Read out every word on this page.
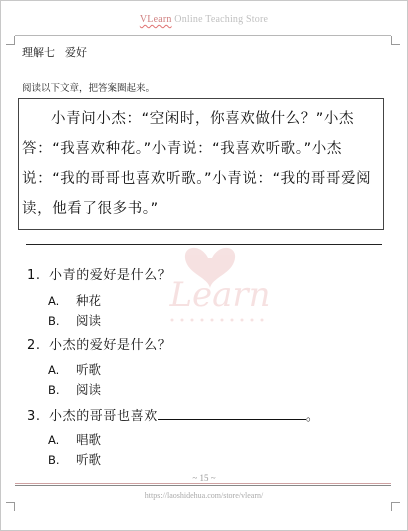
VLearn Online Teaching Store
理解七 爱好
阅读以下文章，把答案圈起来。
小青问小杰：“空闲时，你喜欢做什么？”小杰答：“我喜欢种花。”小青说：“我喜欢听歌。”小杰说：“我的哥哥也喜欢听歌。”小青说：“我的哥哥爱阅读，他看了很多书。”
1. 小青的爱好是什么？
A. 种花
B. 阅读
2. 小杰的爱好是什么？
A. 听歌
B. 阅读
3. 小杰的哥哥也喜欢	。
A. 唱歌
B. 听歌
~ 15 ~
https://laoshidehua.com/store/vlearn/
